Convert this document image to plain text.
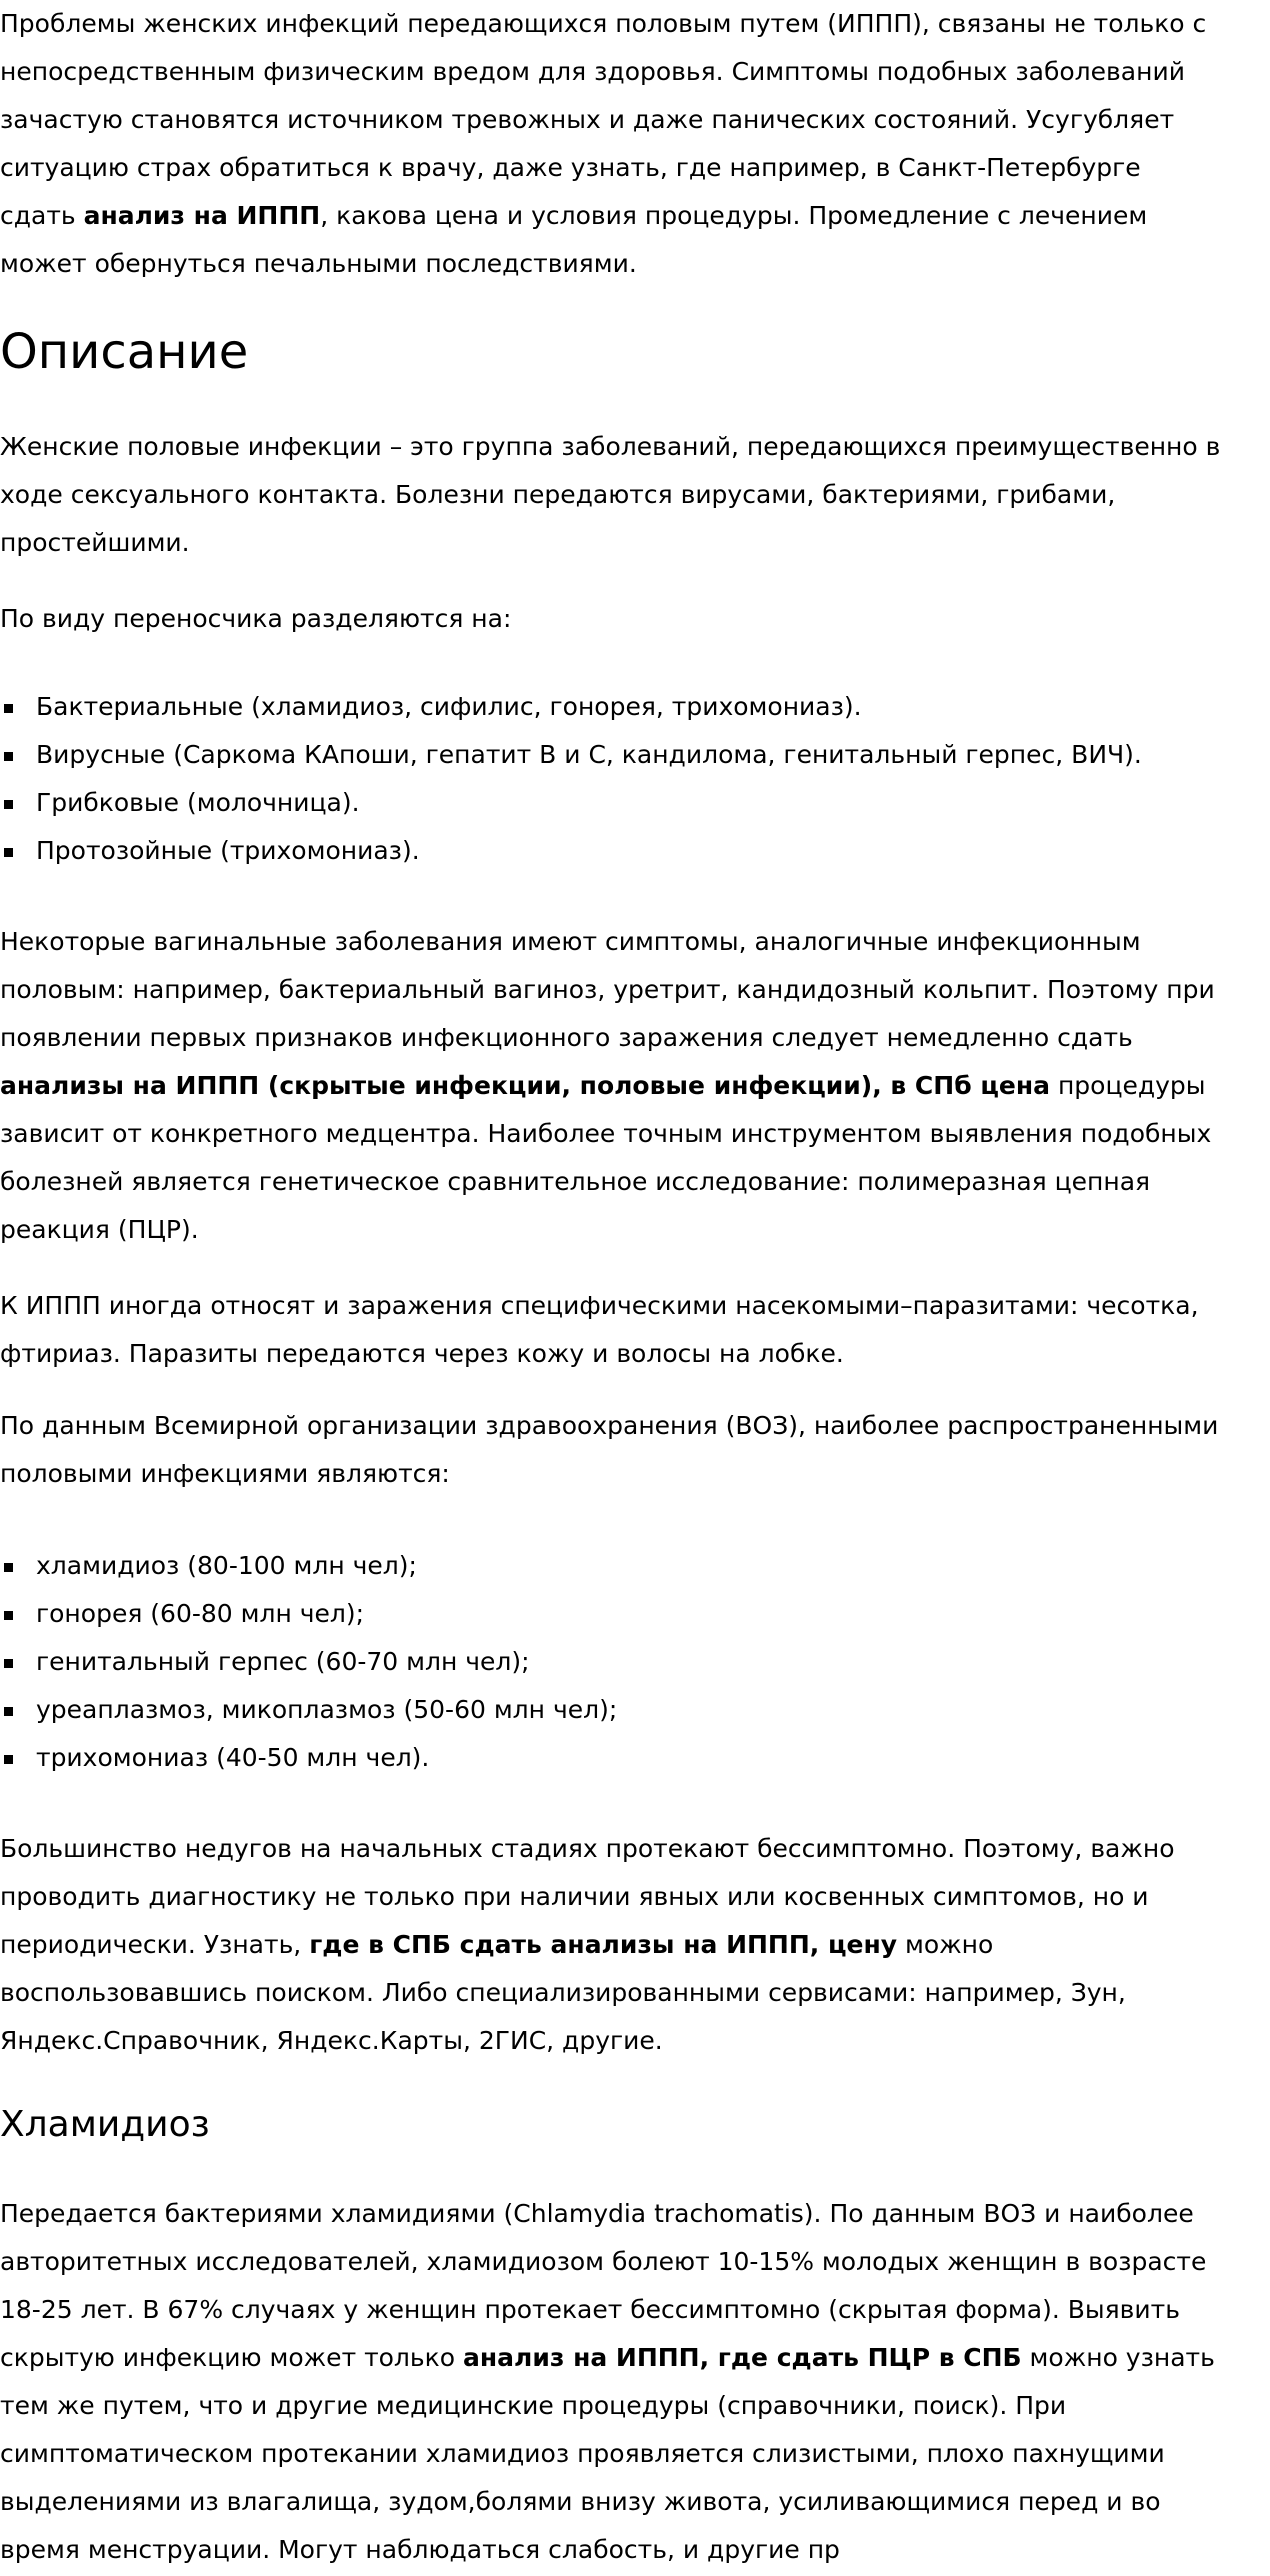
Проблемы женских инфекций передающихся половым путем (ИППП), связаны не только с
непосредственным физическим вредом для здоровья. Симптомы подобных заболеваний
зачастую становятся источником тревожных и даже панических состояний. Усугубляет
ситуацию страх обратиться к врачу, даже узнать, где например, в Санкт-Петербурге
сдать анализ на ИППП, какова цена и условия процедуры. Промедление с лечением
может обернуться печальными последствиями.
Описание
Женские половые инфекции – это группа заболеваний, передающихся преимущественно в
ходе сексуального контакта. Болезни передаются вирусами, бактериями, грибами,
простейшими.
По виду переносчика разделяются на:
Бактериальные (хламидиоз, сифилис, гонорея, трихомониаз).
Вирусные (Саркома КАпоши, гепатит В и С, кандилома, генитальный герпес, ВИЧ).
Грибковые (молочница).
Протозойные (трихомониаз).
Некоторые вагинальные заболевания имеют симптомы, аналогичные инфекционным
половым: например, бактериальный вагиноз, уретрит, кандидозный кольпит. Поэтому при
появлении первых признаков инфекционного заражения следует немедленно сдать
анализы на ИППП (скрытые инфекции, половые инфекции), в СПб цена процедуры
зависит от конкретного медцентра. Наиболее точным инструментом выявления подобных
болезней является генетическое сравнительное исследование: полимеразная цепная
реакция (ПЦР).
К ИППП иногда относят и заражения специфическими насекомыми–паразитами: чесотка,
фтириаз. Паразиты передаются через кожу и волосы на лобке.
По данным Всемирной организации здравоохранения (ВОЗ), наиболее распространенными
половыми инфекциями являются:
хламидиоз (80-100 млн чел);
гонорея (60-80 млн чел);
генитальный герпес (60-70 млн чел);
уреаплазмоз, микоплазмоз (50-60 млн чел);
трихомониаз (40-50 млн чел).
Большинство недугов на начальных стадиях протекают бессимптомно. Поэтому, важно
проводить диагностику не только при наличии явных или косвенных симптомов, но и
периодически. Узнать, где в СПБ сдать анализы на ИППП, цену можно
воспользовавшись поиском. Либо специализированными сервисами: например, Зун,
Яндекс.Справочник, Яндекс.Карты, 2ГИС, другие.
Хламидиоз
Передается бактериями хламидиями (Chlamydia trachomatis). По данным ВОЗ и наиболее
авторитетных исследователей, хламидиозом болеют 10-15% молодых женщин в возрасте
18-25 лет. В 67% случаях у женщин протекает бессимптомно (скрытая форма). Выявить
скрытую инфекцию может только анализ на ИППП, где сдать ПЦР в СПБ можно узнать
тем же путем, что и другие медицинские процедуры (справочники, поиск). При
симптоматическом протекании хламидиоз проявляется слизистыми, плохо пахнущими
выделениями из влагалища, зудом,болями внизу живота, усиливающимися перед и во
время менструации. Могут наблюдаться слабость, и другие пр
